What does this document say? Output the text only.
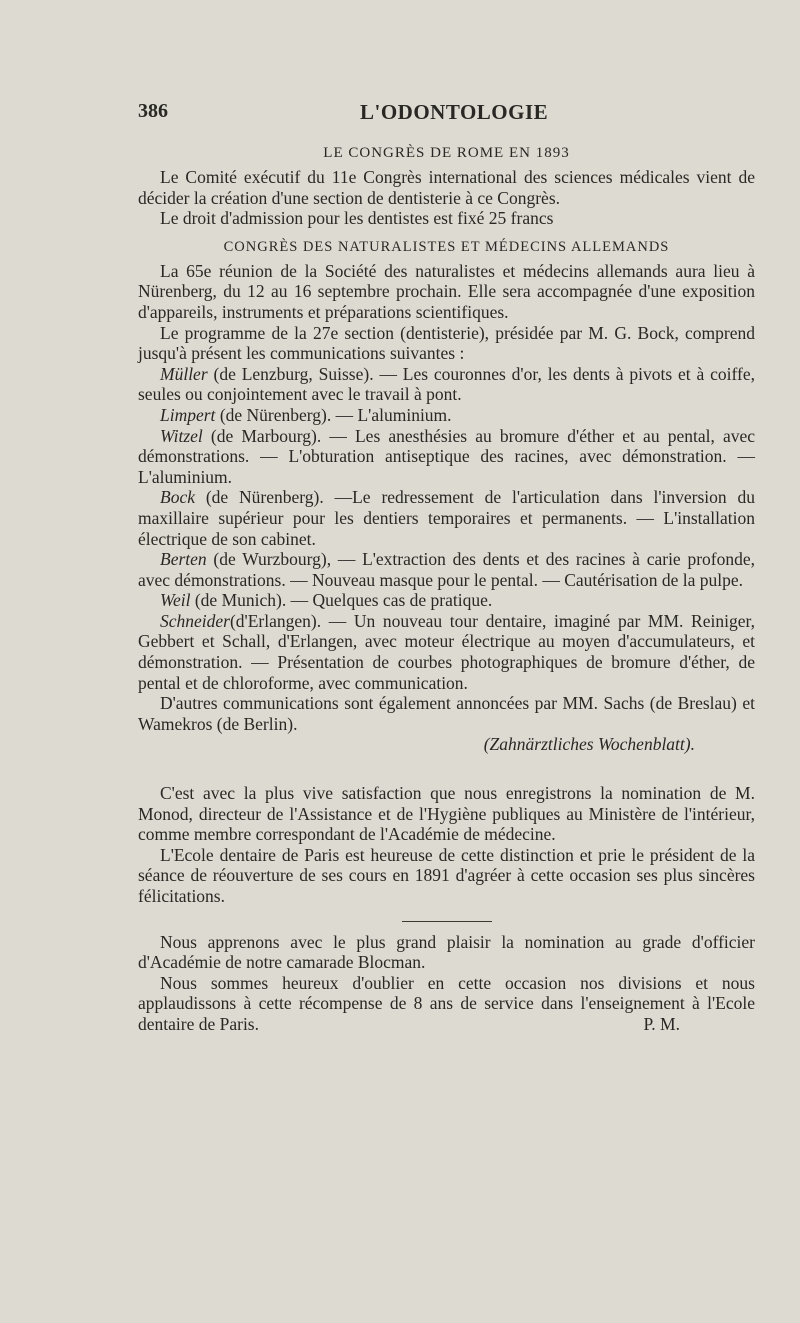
386	L'ODONTOLOGIE
LE CONGRÈS DE ROME EN 1893

Le Comité exécutif du 11e Congrès international des sciences médicales vient de décider la création d'une section de dentisterie à ce Congrès.

Le droit d'admission pour les dentistes est fixé 25 francs

CONGRÈS DES NATURALISTES ET MÉDECINS ALLEMANDS

La 65e réunion de la Société des naturalistes et médecins allemands aura lieu à Nürenberg, du 12 au 16 septembre prochain. Elle sera accompagnée d'une exposition d'appareils, instruments et préparations scientifiques.

Le programme de la 27e section (dentisterie), présidée par M. G. Bock, comprend jusqu'à présent les communications suivantes :

Müller (de Lenzburg, Suisse). — Les couronnes d'or, les dents à pivots et à coiffe, seules ou conjointement avec le travail à pont.

Limpert (de Nürenberg). — L'aluminium.

Witzel (de Marbourg). — Les anesthésies au bromure d'éther et au pental, avec démonstrations. — L'obturation antiseptique des racines, avec démonstration. — L'aluminium.

Bock (de Nürenberg). —Le redressement de l'articulation dans l'inversion du maxillaire supérieur pour les dentiers temporaires et permanents. — L'installation électrique de son cabinet.

Berten (de Wurzbourg), — L'extraction des dents et des racines à carie profonde, avec démonstrations. — Nouveau masque pour le pental. — Cautérisation de la pulpe.

Weil (de Munich). — Quelques cas de pratique.

Schneider(d'Erlangen). — Un nouveau tour dentaire, imaginé par MM. Reiniger, Gebbert et Schall, d'Erlangen, avec moteur électrique au moyen d'accumulateurs, et démonstration. — Présentation de courbes photographiques de bromure d'éther, de pental et de chloroforme, avec communication.

D'autres communications sont également annoncées par MM. Sachs (de Breslau) et Wamekros (de Berlin).

(Zahnärztliches Wochenblatt).

C'est avec la plus vive satisfaction que nous enregistrons la nomination de M. Monod, directeur de l'Assistance et de l'Hygiène publiques au Ministère de l'intérieur, comme membre correspondant de l'Académie de médecine.

L'Ecole dentaire de Paris est heureuse de cette distinction et prie le président de la séance de réouverture de ses cours en 1891 d'agréer à cette occasion ses plus sincères félicitations.

Nous apprenons avec le plus grand plaisir la nomination au grade d'officier d'Académie de notre camarade Blocman.

Nous sommes heureux d'oublier en cette occasion nos divisions et nous applaudissons à cette récompense de 8 ans de service dans l'enseignement à l'Ecole dentaire de Paris.	P. M.
